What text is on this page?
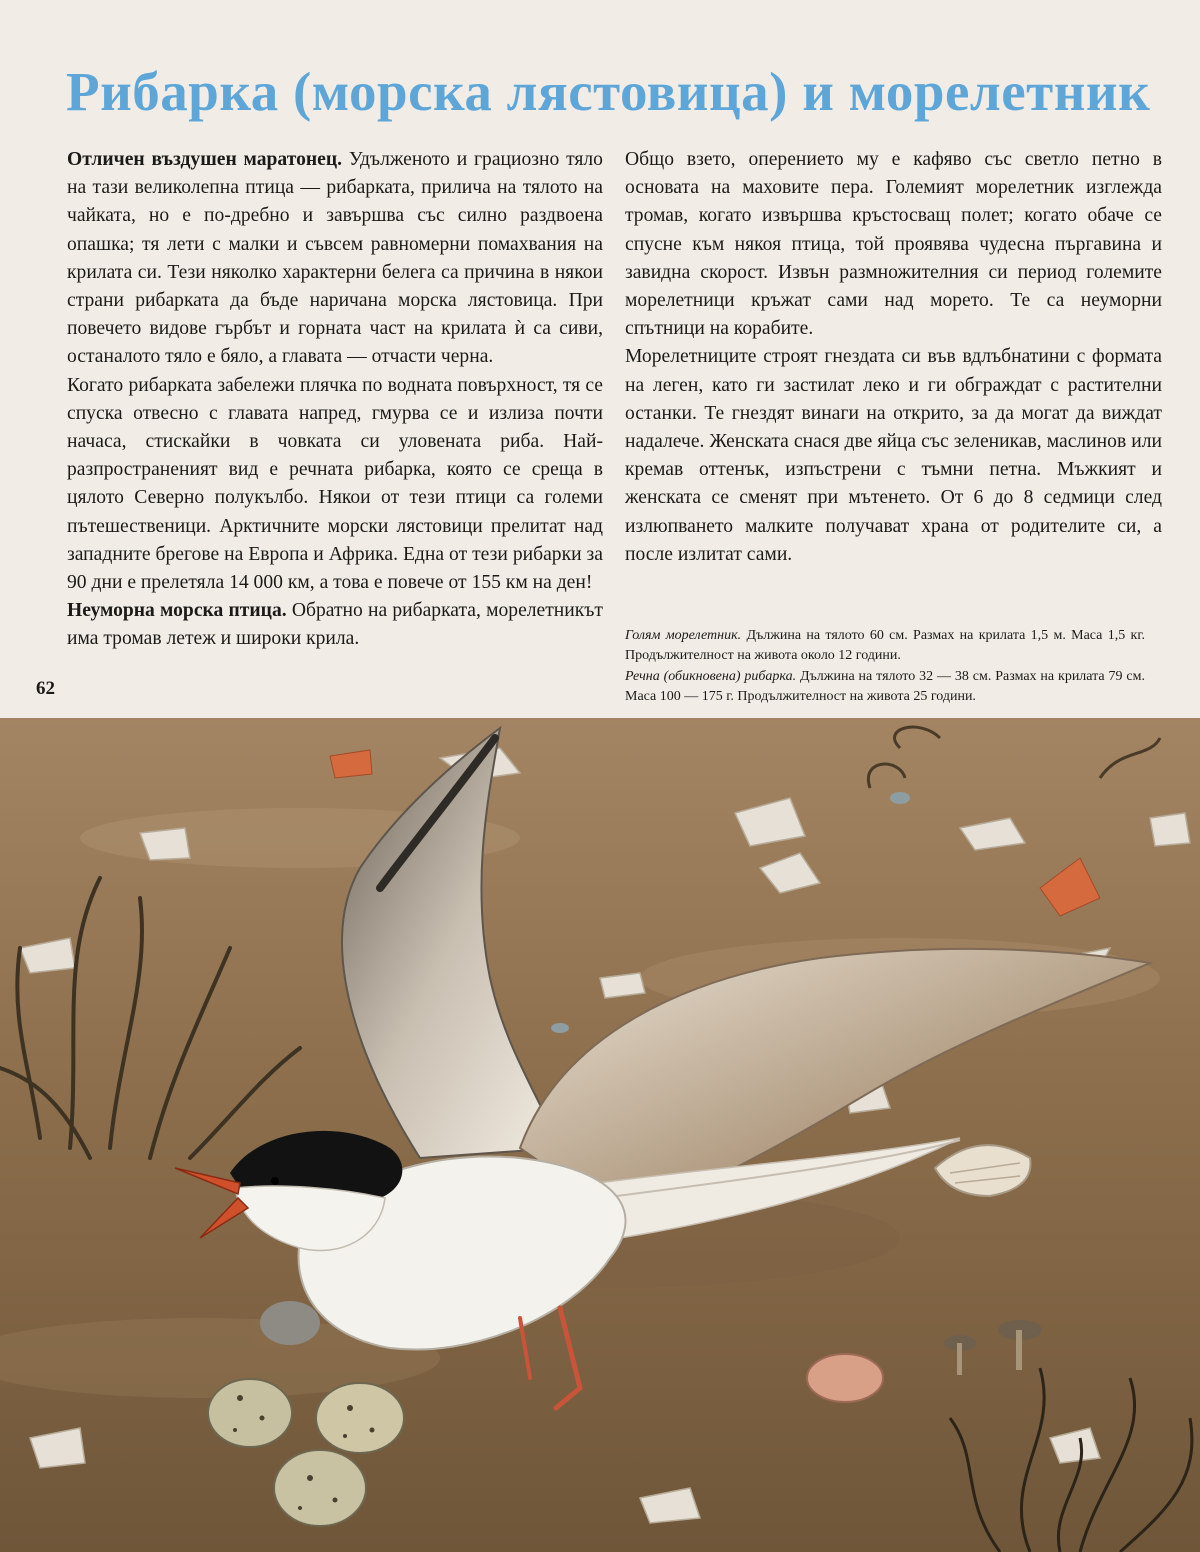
Рибарка (морска лястовица) и морелетник

Отличен въздушен маратонец. Удълженото и грациозно тяло на тази великолепна птица — рибарката, прилича на тялото на чайката, но е по-дребно и завършва със силно раздвоена опашка; тя лети с малки и съвсем равномерни помахвания на крилата си. Тези няколко характерни белега са причина в някои страни рибарката да бъде наричана морска лястовица. При повечето видове гърбът и горната част на крилата ѝ са сиви, останалото тяло е бяло, а главата — отчасти черна.

Когато рибарката забележи плячка по водната повърхност, тя се спуска отвесно с главата напред, гмурва се и излиза почти начаса, стискайки в човката си уловената риба. Най-разпространеният вид е речната рибарка, която се среща в цялото Северно полукълбо. Някои от тези птици са големи пътешественици. Арктичните морски лястовици прелитат над западните брегове на Европа и Африка. Една от тези рибарки за 90 дни е прелетяла 14 000 км, а това е повече от 155 км на ден!

Неуморна морска птица. Обратно на рибарката, морелетникът има тромав летеж и широки крила.

62

Общо взето, оперението му е кафяво със светло петно в основата на маховите пера. Големият морелетник изглежда тромав, когато извършва кръстосващ полет; когато обаче се спусне към някоя птица, той проявява чудесна пъргавина и завидна скорост. Извън размножителния си период големите морелетници кръжат сами над морето. Те са неуморни спътници на корабите.

Морелетниците строят гнездата си във вдлъбнатини с формата на леген, като ги застилат леко и ги обграждат с растителни останки. Те гнездят винаги на открито, за да могат да виждат надалече. Женската снася две яйца със зеленикав, маслинов или кремав оттенък, изпъстрени с тъмни петна. Мъжкият и женската се сменят при мътенето. От 6 до 8 седмици след излюпването малките получават храна от родителите си, а после излитат сами.

Голям морелетник. Дължина на тялото 60 см. Размах на крилата 1,5 м. Маса 1,5 кг. Продължителност на живота около 12 години.

Речна (обикновена) рибарка. Дължина на тялото 32 — 38 см. Размах на крилата 79 см. Маса 100 — 175 г. Продължителност на живота 25 години.
